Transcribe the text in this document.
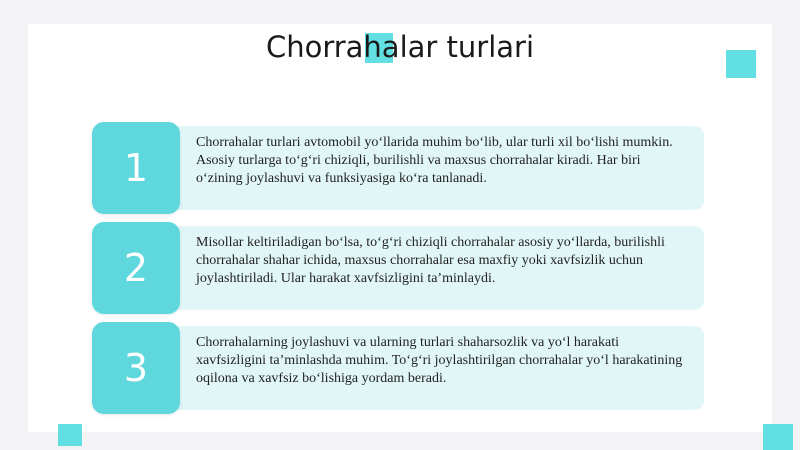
Chorrahalar turlari
1
Chorrahalar turlari avtomobil yo‘llarida muhim bo‘lib, ular turli xil bo‘lishi mumkin. Asosiy turlarga to‘g‘ri chiziqli, burilishli va maxsus chorrahalar kiradi. Har biri o‘zining joylashuvi va funksiyasiga ko‘ra tanlanadi.
2
Misollar keltiriladigan bo‘lsa, to‘g‘ri chiziqli chorrahalar asosiy yo‘llarda, burilishli chorrahalar shahar ichida, maxsus chorrahalar esa maxfiy yoki xavfsizlik uchun joylashtiriladi. Ular harakat xavfsizligini ta’minlaydi.
3
Chorrahalarning joylashuvi va ularning turlari shaharsozlik va yo‘l harakati xavfsizligini ta’minlashda muhim. To‘g‘ri joylashtirilgan chorrahalar yo‘l harakatining oqilona va xavfsiz bo‘lishiga yordam beradi.
